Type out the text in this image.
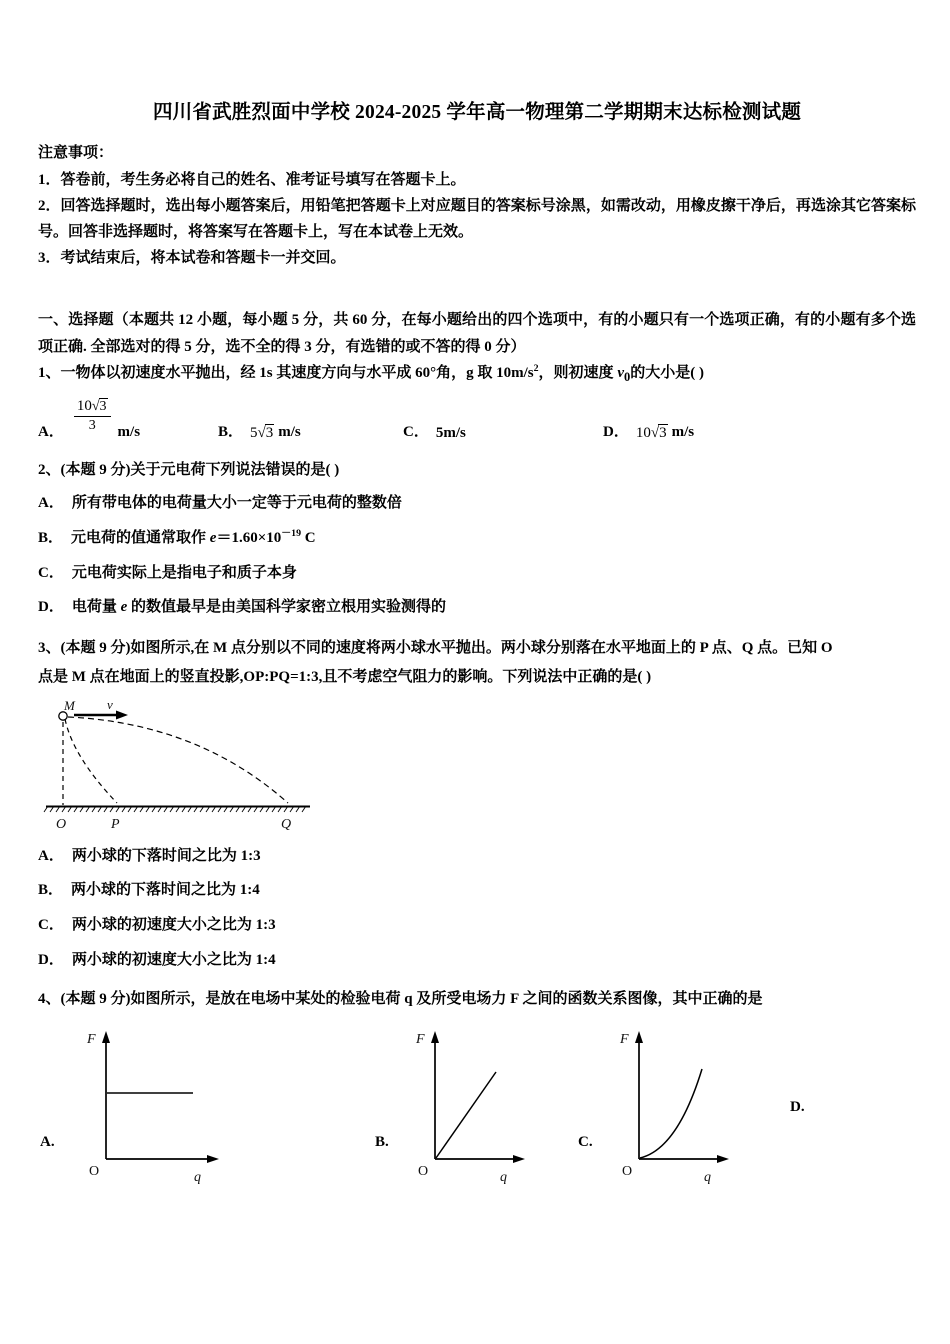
四川省武胜烈面中学校 2024-2025 学年高一物理第二学期期末达标检测试题

注意事项：

1．答卷前，考生务必将自己的姓名、准考证号填写在答题卡上。

2．回答选择题时，选出每小题答案后，用铅笔把答题卡上对应题目的答案标号涂黑，如需改动，用橡皮擦干净后，再选涂其它答案标号。回答非选择题时，将答案写在答题卡上，写在本试卷上无效。

3．考试结束后，将本试卷和答题卡一并交回。

一、选择题（本题共 12 小题，每小题 5 分，共 60 分，在每小题给出的四个选项中，有的小题只有一个选项正确，有的小题有多个选项正确. 全部选对的得 5 分，选不全的得 3 分，有选错的或不答的得 0 分）

1、一物体以初速度水平抛出，经 1s 其速度方向与水平成 60°角，g 取 $10m/s^2$，则初速度 $v_0$的大小是( )

A． $\frac{10√3}{3} m/s$	B． 5 √3 m/s	C． 5m/s	D． 10 √3 m/s

2、(本题 9 分)关于元电荷下列说法错误的是( )

A． 所有带电体的电荷量大小一定等于元电荷的整数倍

B． 元电荷的值通常取作 $e=1.60\times 10^{-19}$ C

C． 元电荷实际上是指电子和质子本身

D． 电荷量 e 的数值最早是由美国科学家密立根用实验测得的

3、(本题 9 分)如图所示,在 M 点分别以不同的速度将两小球水平抛出。两小球分别落在水平地面上的 P 点、Q 点。已知 O

点是 M 点在地面上的竖直投影,OP:PQ=1:3,且不考虑空气阻力的影响。下列说法中正确的是( )

M v
O	P	Q

A． 两小球的下落时间之比为 1:3

B． 两小球的下落时间之比为 1:4

C． 两小球的初速度大小之比为 1:3

D． 两小球的初速度大小之比为 1:4

4、(本题 9 分)如图所示，是放在电场中某处的检验电荷 q 及所受电场力 F 之间的函数关系图像，其中正确的是

A.
F
O	q
B.
F
O	q
C.
F
O	q
D.
